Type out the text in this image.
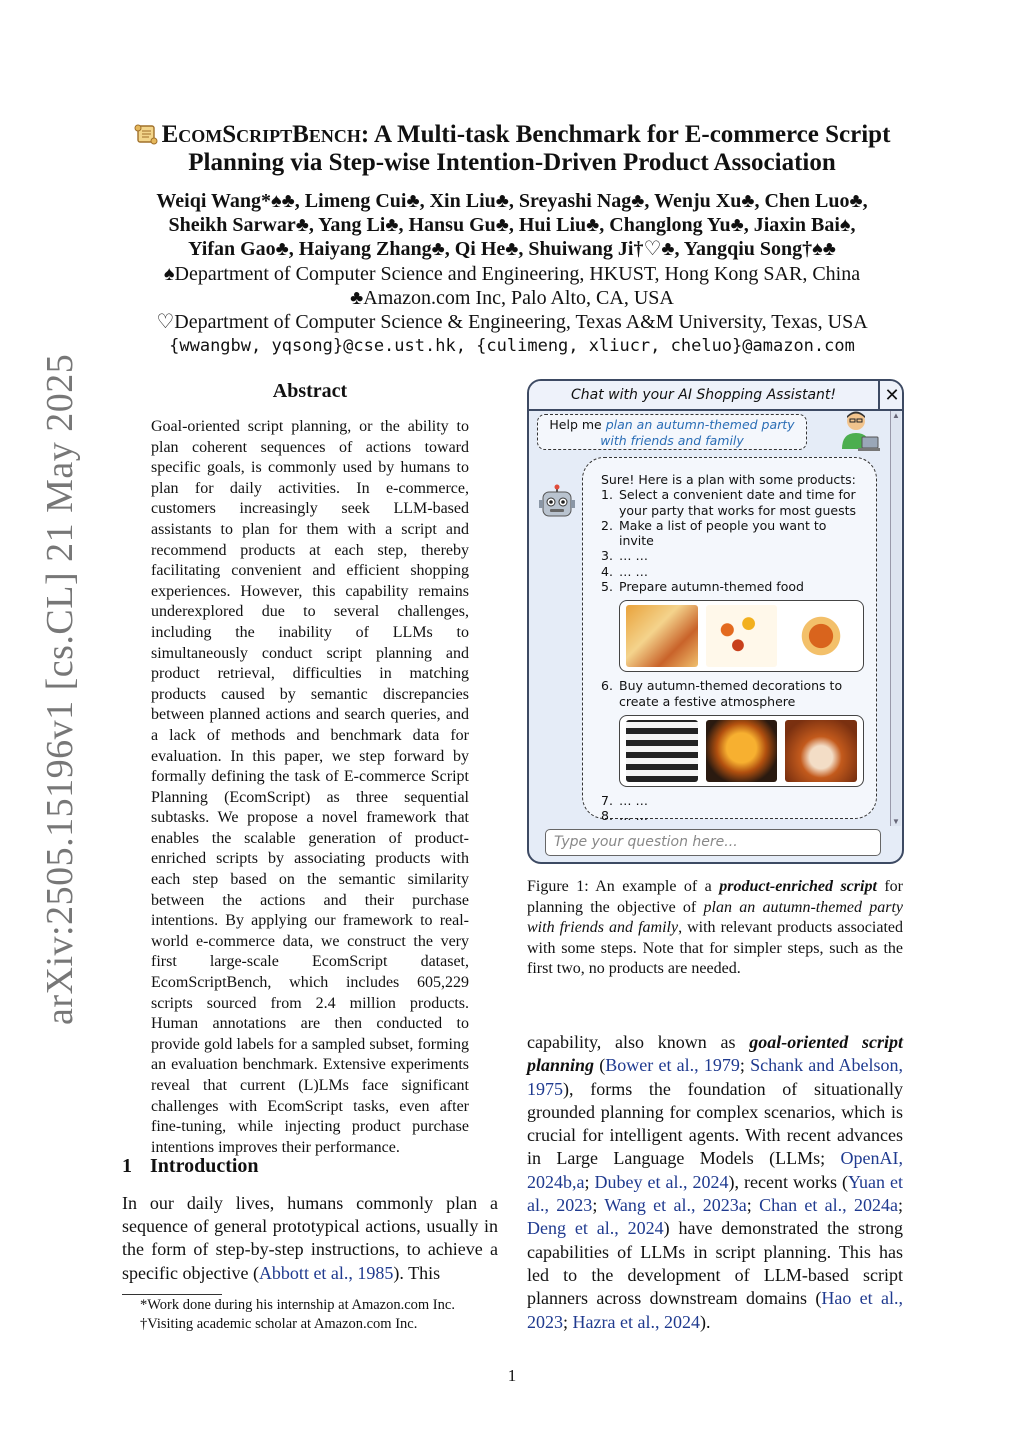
arXiv:2505.15196v1 [cs.CL] 21 May 2025
EcomScriptBench: A Multi-task Benchmark for E-commerce Script
Planning via Step-wise Intention-Driven Product Association
Weiqi Wang*♠♣, Limeng Cui♣, Xin Liu♣, Sreyashi Nag♣, Wenju Xu♣, Chen Luo♣,
Sheikh Sarwar♣, Yang Li♣, Hansu Gu♣, Hui Liu♣, Changlong Yu♣, Jiaxin Bai♠,
Yifan Gao♣, Haiyang Zhang♣, Qi He♣, Shuiwang Ji†♡♣, Yangqiu Song†♠♣
♠Department of Computer Science and Engineering, HKUST, Hong Kong SAR, China
♣Amazon.com Inc, Palo Alto, CA, USA
♡Department of Computer Science & Engineering, Texas A&M University, Texas, USA
{wwangbw, yqsong}@cse.ust.hk, {culimeng, xliucr, cheluo}@amazon.com
Abstract
Goal-oriented script planning, or the ability to plan coherent sequences of actions toward specific goals, is commonly used by humans to plan for daily activities. In e-commerce, customers increasingly seek LLM-based assistants to plan for them with a script and recommend products at each step, thereby facilitating convenient and efficient shopping experiences. However, this capability remains underexplored due to several challenges, including the inability of LLMs to simultaneously conduct script planning and product retrieval, difficulties in matching products caused by semantic discrepancies between planned actions and search queries, and a lack of methods and benchmark data for evaluation. In this paper, we step forward by formally defining the task of E-commerce Script Planning (EcomScript) as three sequential subtasks. We propose a novel framework that enables the scalable generation of product-enriched scripts by associating products with each step based on the semantic similarity between the actions and their purchase intentions. By applying our framework to real-world e-commerce data, we construct the very first large-scale EcomScript dataset, EcomScriptBench, which includes 605,229 scripts sourced from 2.4 million products. Human annotations are then conducted to provide gold labels for a sampled subset, forming an evaluation benchmark. Extensive experiments reveal that current (L)LMs face significant challenges with EcomScript tasks, even after fine-tuning, while injecting product purchase intentions improves their performance.
1 Introduction
In our daily lives, humans commonly plan a sequence of general prototypical actions, usually in the form of step-by-step instructions, to achieve a specific objective (Abbott et al., 1985). This
*Work done during his internship at Amazon.com Inc.
†Visiting academic scholar at Amazon.com Inc.
Chat with your AI Shopping Assistant!	✕
▲
▼
Help me plan an autumn-themed party
with friends and family
Sure! Here is a plan with some products:
1. Select a convenient date and time for your party that works for most guests
2. Make a list of people you want to invite
3. … …
4. … …
5. Prepare autumn-themed food
6. Buy autumn-themed decorations to create a festive atmosphere
7. … …
8. … …
Type your question here...
Figure 1: An example of a product-enriched script for planning the objective of plan an autumn-themed party with friends and family, with relevant products associated with some steps. Note that for simpler steps, such as the first two, no products are needed.
capability, also known as goal-oriented script planning (Bower et al., 1979; Schank and Abelson, 1975), forms the foundation of situationally grounded planning for complex scenarios, which is crucial for intelligent agents. With recent advances in Large Language Models (LLMs; OpenAI, 2024b,a; Dubey et al., 2024), recent works (Yuan et al., 2023; Wang et al., 2023a; Chan et al., 2024a; Deng et al., 2024) have demonstrated the strong capabilities of LLMs in script planning. This has led to the development of LLM-based script planners across downstream domains (Hao et al., 2023; Hazra et al., 2024).
1
